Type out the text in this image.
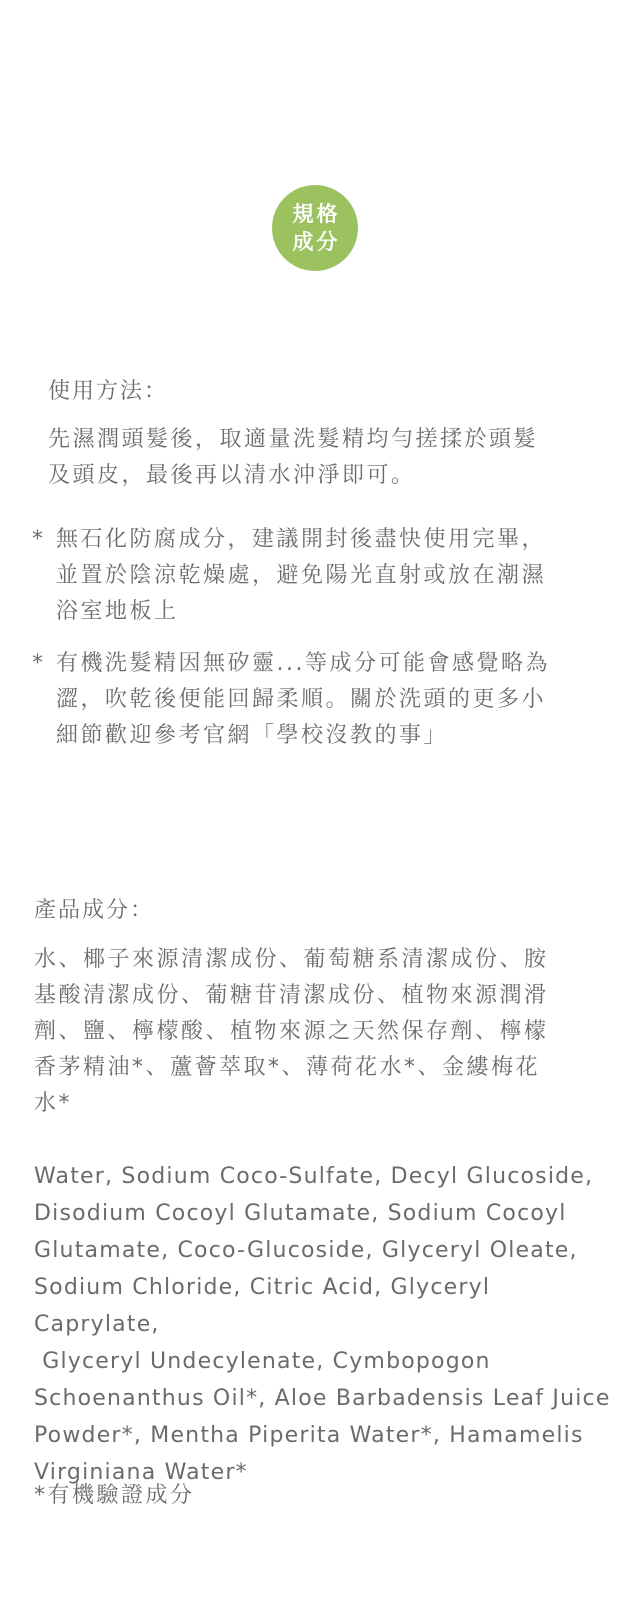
規格
成分
使用方法：
先濕潤頭髮後，取適量洗髮精均勻搓揉於頭髮
及頭皮，最後再以清水沖淨即可。
* 無石化防腐成分，建議開封後盡快使用完畢，
並置於陰涼乾燥處，避免陽光直射或放在潮濕
浴室地板上
* 有機洗髮精因無矽靈...等成分可能會感覺略為
澀，吹乾後便能回歸柔順。關於洗頭的更多小
細節歡迎參考官網「學校沒教的事」
產品成分：
水、椰子來源清潔成份、葡萄糖系清潔成份、胺
基酸清潔成份、葡糖苷清潔成份、植物來源潤滑
劑、鹽、檸檬酸、植物來源之天然保存劑、檸檬
香茅精油*、蘆薈萃取*、薄荷花水*、金縷梅花
水*
Water, Sodium Coco-Sulfate, Decyl Glucoside,
Disodium Cocoyl Glutamate, Sodium Cocoyl
Glutamate, Coco-Glucoside, Glyceryl Oleate,
Sodium Chloride, Citric Acid, Glyceryl Caprylate,
Glyceryl Undecylenate, Cymbopogon
Schoenanthus Oil*, Aloe Barbadensis Leaf Juice
Powder*, Mentha Piperita Water*, Hamamelis
Virginiana Water*
*有機驗證成分
